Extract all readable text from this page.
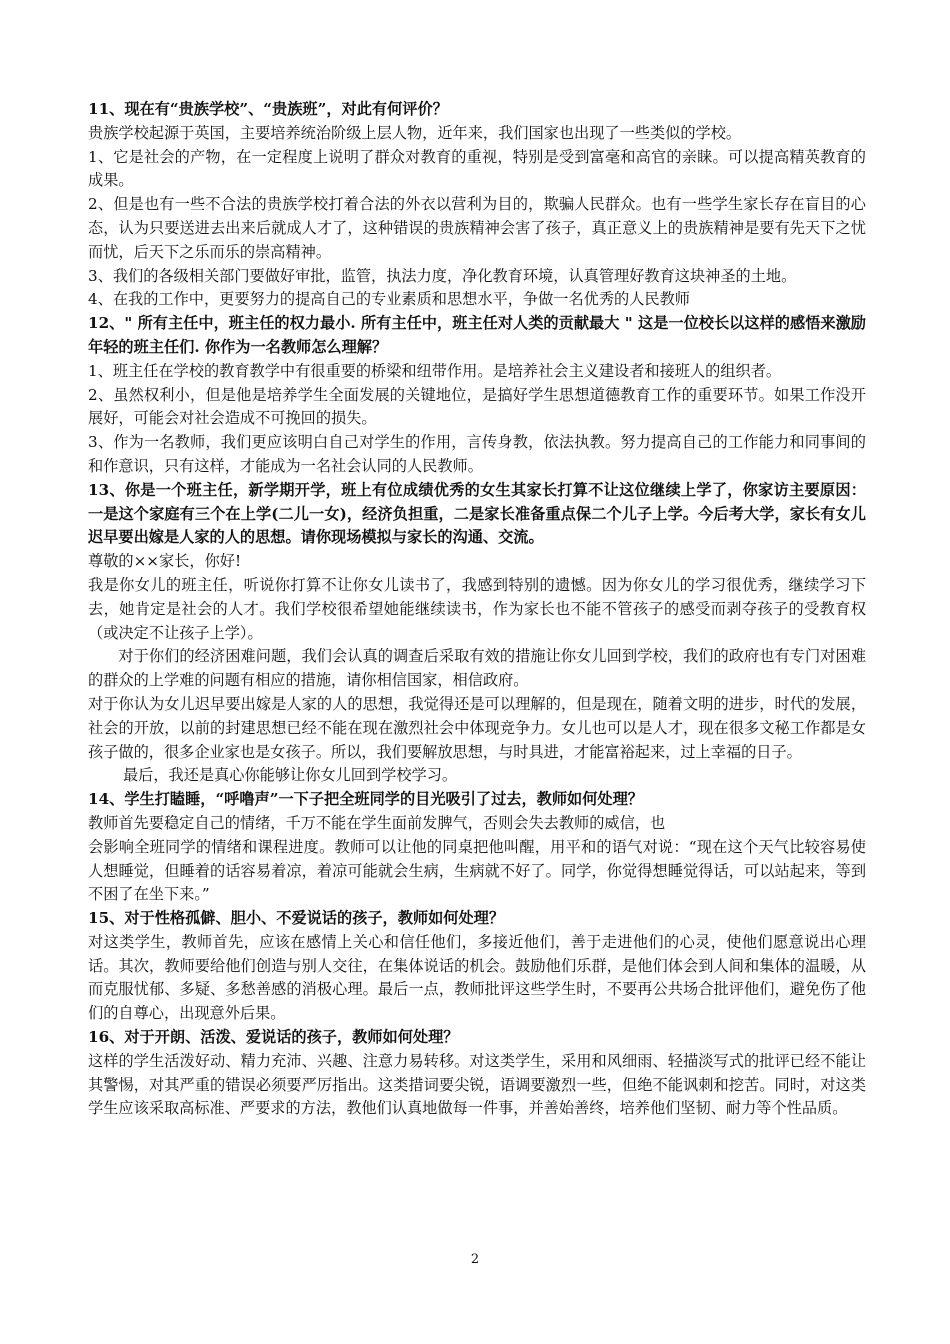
11、现在有“贵族学校”、“贵族班”，对此有何评价？

贵族学校起源于英国，主要培养统治阶级上层人物，近年来，我们国家也出现了一些类似的学校。

1、它是社会的产物，在一定程度上说明了群众对教育的重视，特别是受到富毫和高官的亲睐。可以提高精英教育的成果。

2、但是也有一些不合法的贵族学校打着合法的外衣以营利为目的，欺骗人民群众。也有一些学生家长存在盲目的心态，认为只要送进去出来后就成人才了，这种错误的贵族精神会害了孩子，真正意义上的贵族精神是要有先天下之忧而忧，后天下之乐而乐的崇高精神。

3、我们的各级相关部门要做好审批，监管，执法力度，净化教育环境，认真管理好教育这块神圣的土地。

4、在我的工作中，更要努力的提高自己的专业素质和思想水平，争做一名优秀的人民教师

12、" 所有主任中，班主任的权力最小. 所有主任中，班主任对人类的贡献最大 " 这是一位校长以这样的感悟来激励年轻的班主任们. 你作为一名教师怎么理解？

1、班主任在学校的教育教学中有很重要的桥梁和纽带作用。是培养社会主义建设者和接班人的组织者。

2、虽然权利小，但是他是培养学生全面发展的关键地位，是搞好学生思想道德教育工作的重要环节。如果工作没开展好，可能会对社会造成不可挽回的损失。

3、作为一名教师，我们更应该明白自己对学生的作用，言传身教，依法执教。努力提高自己的工作能力和同事间的和作意识，只有这样，才能成为一名社会认同的人民教师。

13、你是一个班主任，新学期开学，班上有位成绩优秀的女生其家长打算不让这位继续上学了，你家访主要原因：一是这个家庭有三个在上学(二儿一女)，经济负担重，二是家长准备重点保二个儿子上学。今后考大学，家长有女儿迟早要出嫁是人家的人的思想。请你现场模拟与家长的沟通、交流。

尊敬的××家长，你好!

我是你女儿的班主任，听说你打算不让你女儿读书了，我感到特别的遗憾。因为你女儿的学习很优秀，继续学习下去，她肯定是社会的人才。我们学校很希望她能继续读书，作为家长也不能不管孩子的感受而剥夺孩子的受教育权（或决定不让孩子上学）。

对于你们的经济困难问题，我们会认真的调查后采取有效的措施让你女儿回到学校，我们的政府也有专门对困难的群众的上学难的问题有相应的措施，请你相信国家，相信政府。

对于你认为女儿迟早要出嫁是人家的人的思想，我觉得还是可以理解的，但是现在，随着文明的进步，时代的发展，社会的开放，以前的封建思想已经不能在现在激烈社会中体现竞争力。女儿也可以是人才，现在很多文秘工作都是女孩子做的，很多企业家也是女孩子。所以，我们要解放思想，与时具进，才能富裕起来，过上幸福的日子。

最后，我还是真心你能够让你女儿回到学校学习。

14、学生打瞌睡，“呼噜声”一下子把全班同学的目光吸引了过去，教师如何处理？

教师首先要稳定自己的情绪，千万不能在学生面前发脾气，否则会失去教师的威信，也

会影响全班同学的情绪和课程进度。教师可以让他的同桌把他叫醒，用平和的语气对说：“现在这个天气比较容易使人想睡觉，但睡着的话容易着凉，着凉可能就会生病，生病就不好了。同学，你觉得想睡觉得话，可以站起来，等到不困了在坐下来。”

15、对于性格孤僻、胆小、不爱说话的孩子，教师如何处理？

对这类学生，教师首先，应该在感情上关心和信任他们，多接近他们，善于走进他们的心灵，使他们愿意说出心理话。其次，教师要给他们创造与别人交往，在集体说话的机会。鼓励他们乐群，是他们体会到人间和集体的温暖，从而克服忧郁、多疑、多愁善感的消极心理。最后一点，教师批评这些学生时，不要再公共场合批评他们，避免伤了他们的自尊心，出现意外后果。

16、对于开朗、活泼、爱说话的孩子，教师如何处理？

这样的学生活泼好动、精力充沛、兴趣、注意力易转移。对这类学生，采用和风细雨、轻描淡写式的批评已经不能让其警惕，对其严重的错误必须要严厉指出。这类措词要尖锐，语调要激烈一些，但绝不能讽刺和挖苦。同时，对这类学生应该采取高标准、严要求的方法，教他们认真地做每一件事，并善始善终，培养他们坚韧、耐力等个性品质。

2
